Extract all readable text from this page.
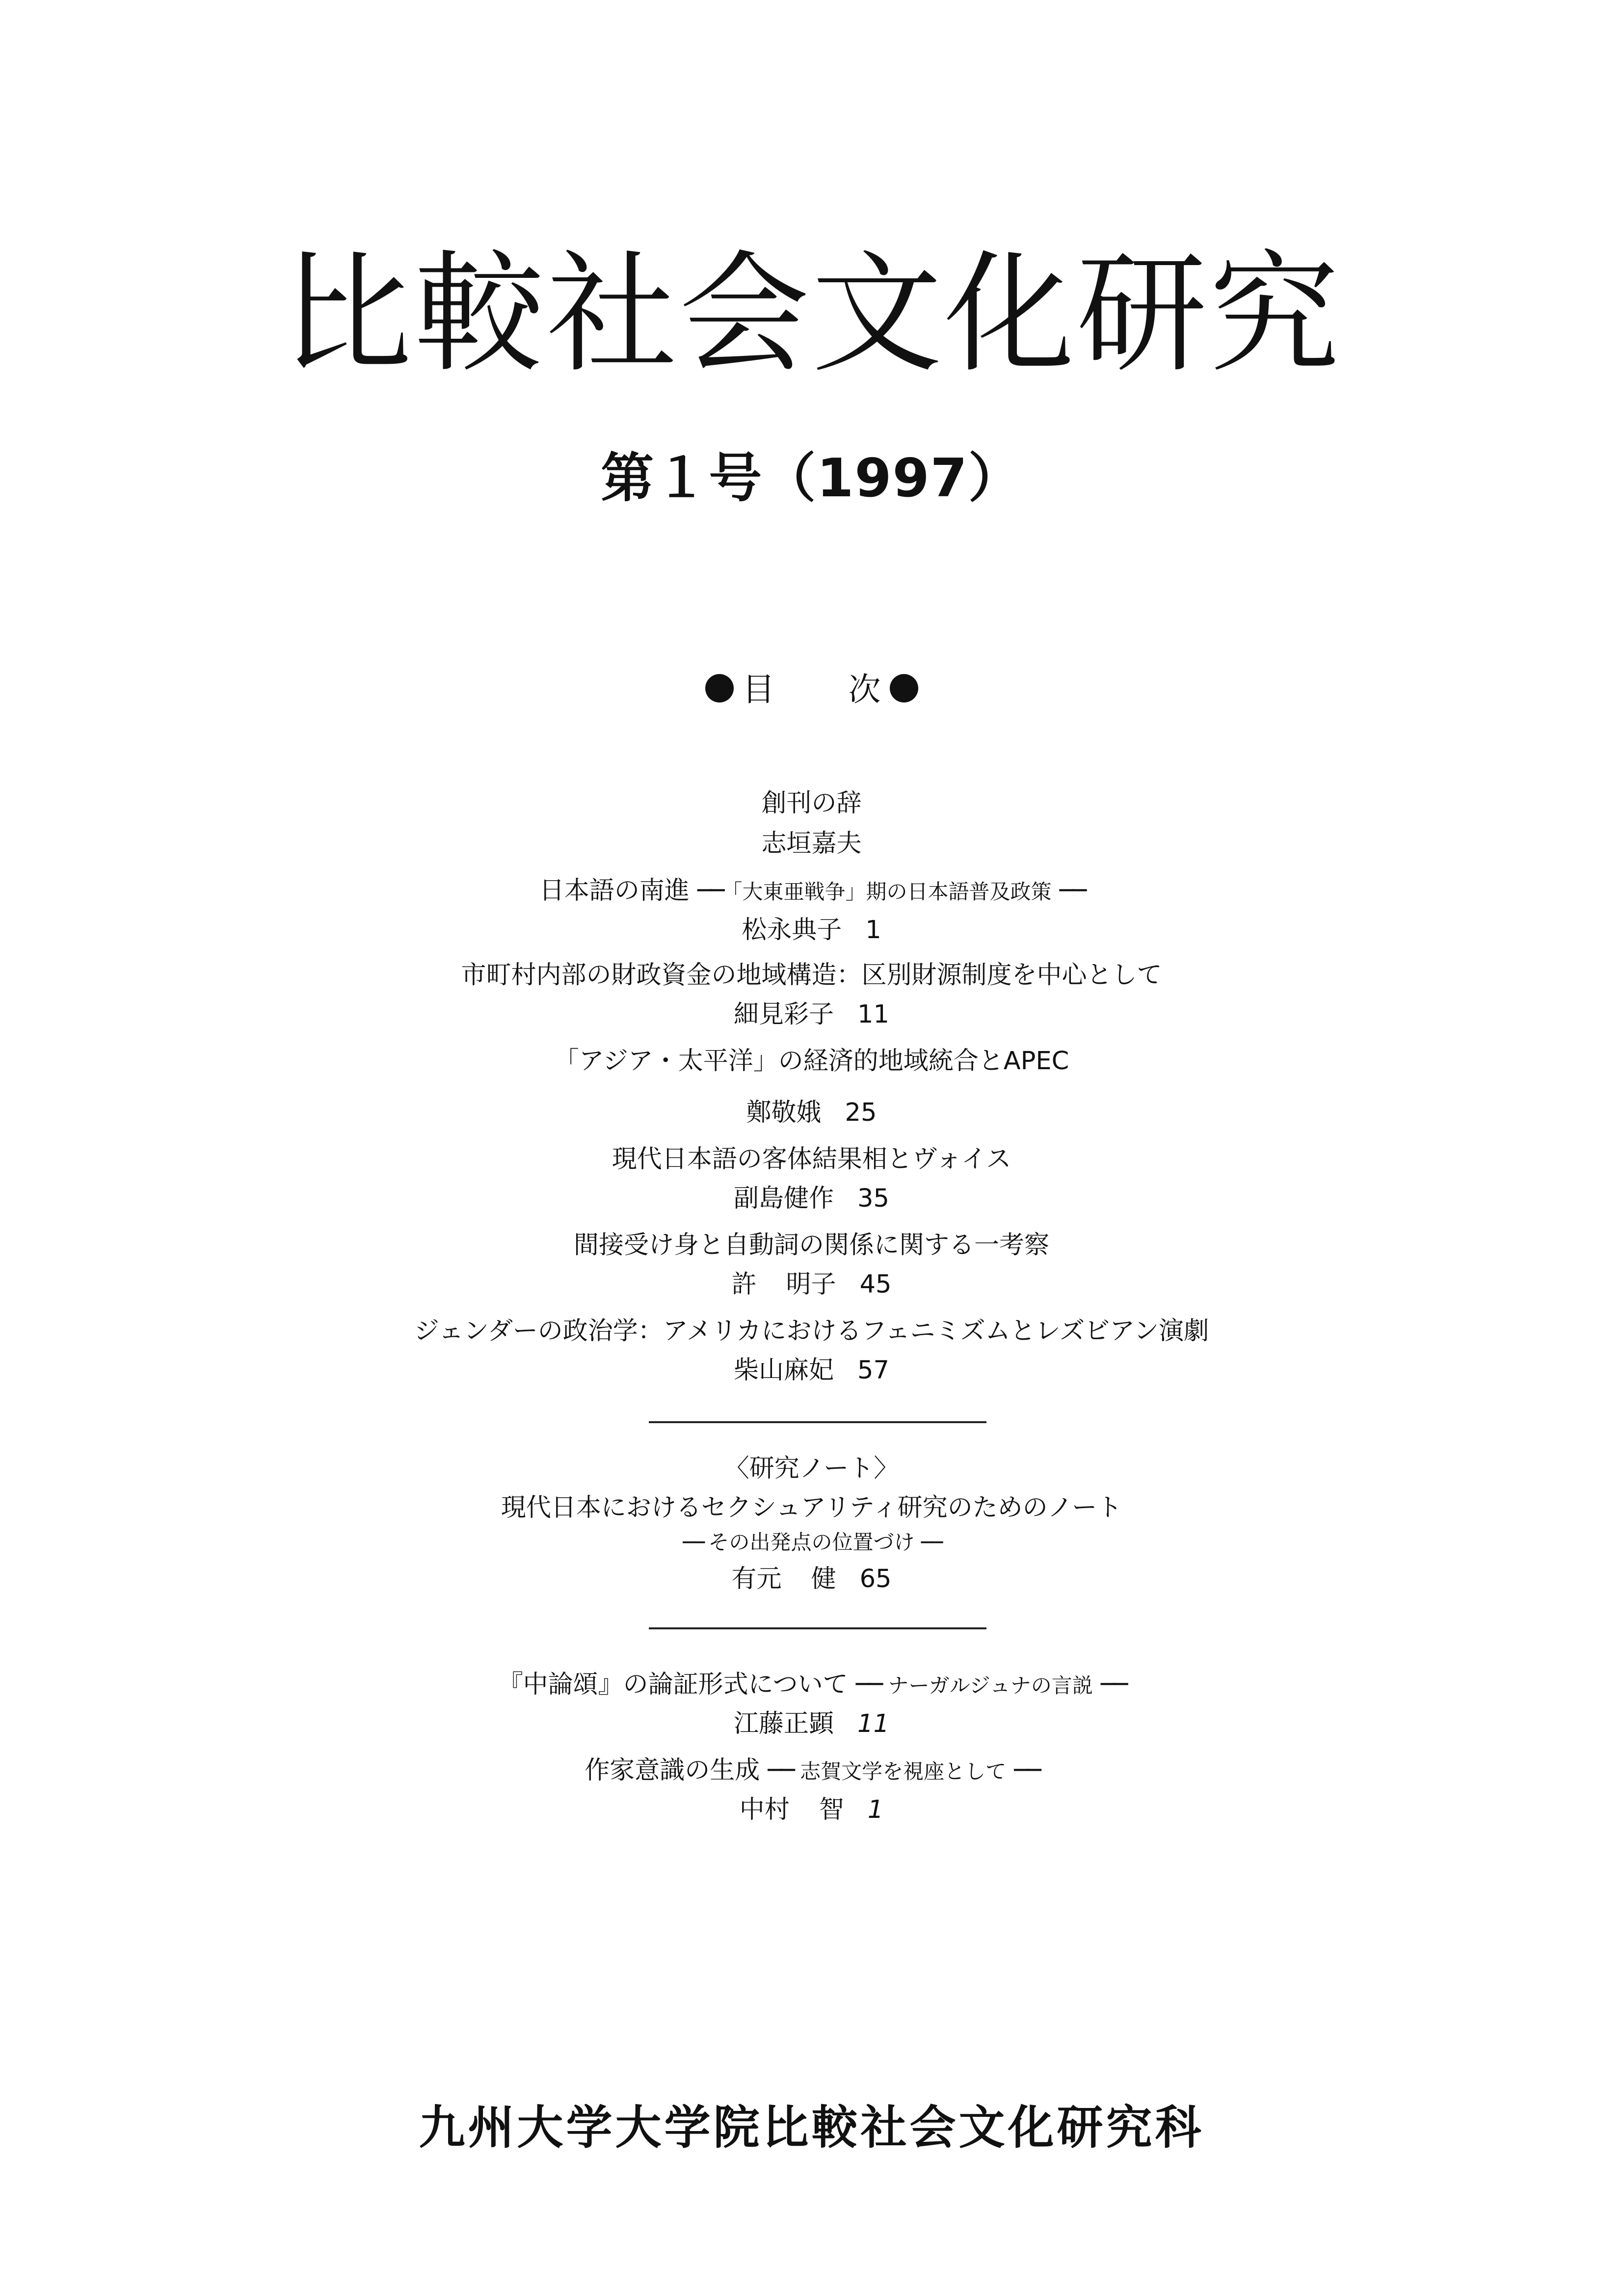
比較社会文化研究
第１号（1997）
目 次
創刊の辞
志垣嘉夫
日本語の南進 ──「大東亜戦争」期の日本語普及政策 ──
松永典子 1
市町村内部の財政資金の地域構造：区別財源制度を中心として
細見彩子 11
「アジア・太平洋」の経済的地域統合とAPEC
鄭敬娥 25
現代日本語の客体結果相とヴォイス
副島健作 35
間接受け身と自動詞の関係に関する一考察
許 明子 45
ジェンダーの政治学：アメリカにおけるフェニミズムとレズビアン演劇
柴山麻妃 57
〈研究ノート〉
現代日本におけるセクシュアリティ研究のためのノート
── その出発点の位置づけ ──
有元 健 65
『中論頌』の論証形式について ── ナーガルジュナの言説 ──
江藤正顕 11
作家意識の生成 ── 志賀文学を視座として ──
中村 智 1
九州大学大学院比較社会文化研究科
